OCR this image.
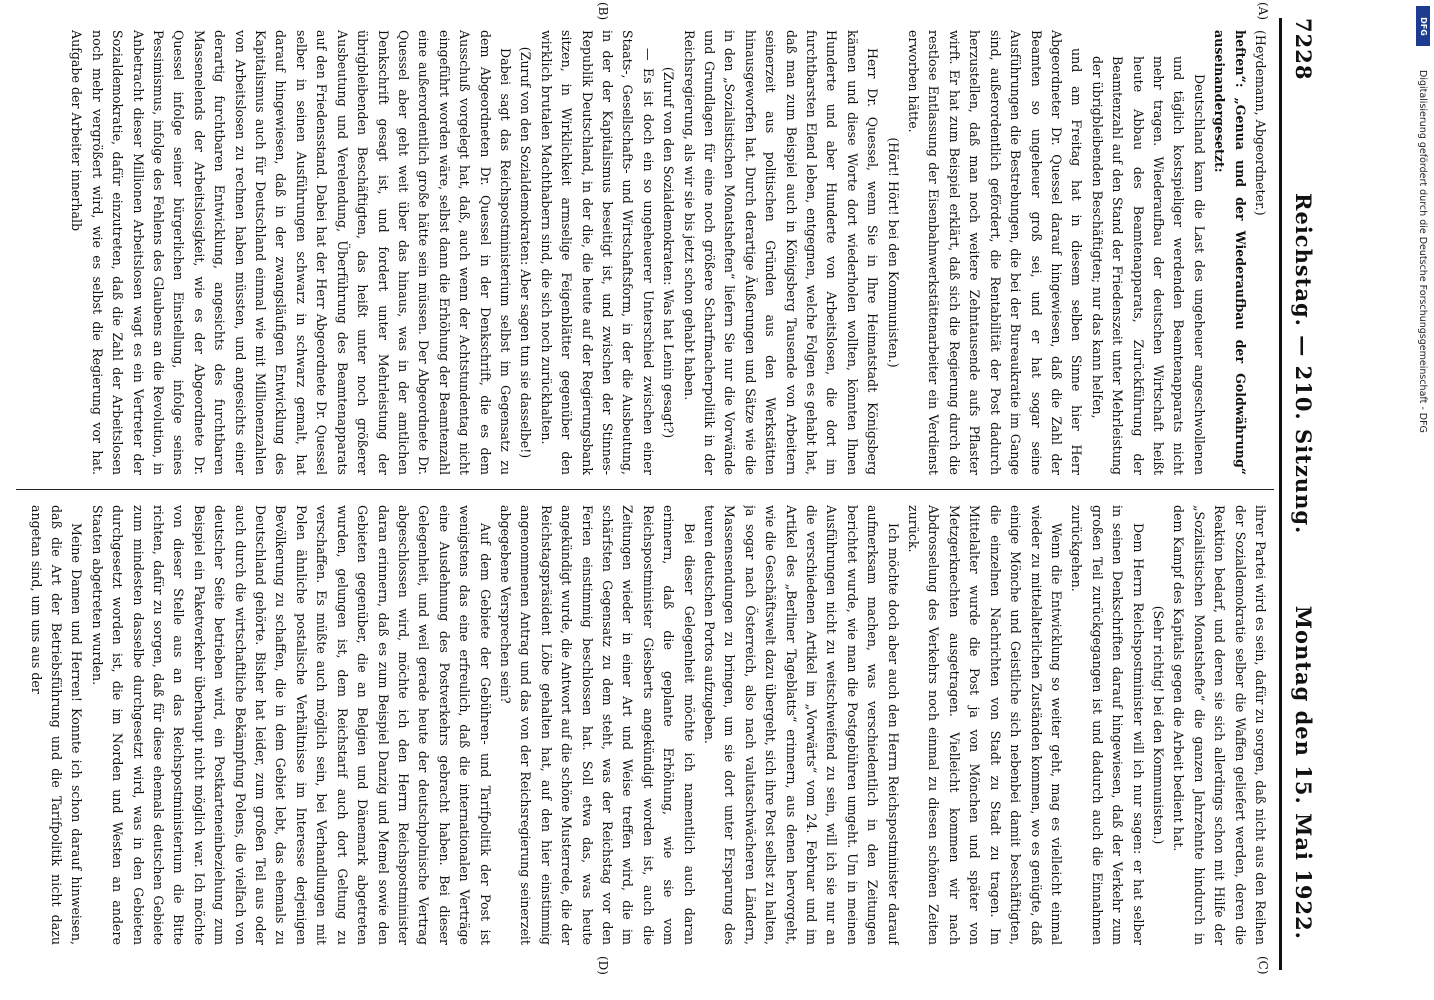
7228
Reichstag. — 210. Sitzung.
Montag den 15. Mai 1922.
(A)
(B)
(C)
(D)

(Heydemann, Abgeordneter.)

heften“: „Genua und der Wiederaufbau der Goldwährung“ auseinandergesetzt:

Deutschland kann die Last des ungeheuer angeschwollenen und täglich kostspieliger werdenden Beamtenapparats nicht mehr tragen. Wiederaufbau der deutschen Wirtschaft heißt heute Abbau des Beamtenapparats, Zurückführung der Beamtenzahl auf den Stand der Friedenszeit unter Mehrleistung der übrigbleibenden Beschäftigten; nur das kann helfen,

und am Freitag hat in diesem selben Sinne hier Herr Abgeordneter Dr. Quessel darauf hingewiesen, daß die Zahl der Beamten so ungeheuer groß sei, und er hat sogar seine Ausführungen die Bestrebungen, die bei der Bureaukratie im Gange sind, außerordentlich gefördert, die Rentabilität der Post dadurch herzustellen, daß man noch weitere Zehntausende aufs Pflaster wirft. Er hat zum Beispiel erklärt, daß sich die Regierung durch die restlose Entlassung der Eisenbahnwerkstättenarbeiter ein Verdienst erworben hätte.

(Hört! Hört! bei den Kommunisten.)

Herr Dr. Quessel, wenn Sie in Ihre Heimatstadt Königsberg kämen und diese Worte dort wiederholen wollten, könnten Ihnen Hunderte und aber Hunderte von Arbeitslosen, die dort im furchtbarsten Elend leben, entgegnen, welche Folgen es gehabt hat, daß man zum Beispiel auch in Königsberg Tausende von Arbeitern seinerzeit aus politischen Gründen aus den Werkstätten hinausgeworfen hat. Durch derartige Äußerungen und Sätze wie die in den „Sozialistischen Monatsheften“ liefern Sie nur die Vorwände und Grundlagen für eine noch größere Scharfmacherpolitik in der Reichsregierung, als wir sie bis jetzt schon gehabt haben.

(Zuruf von den Sozialdemokraten: Was hat Lenin gesagt?)

— Es ist doch ein so ungeheuerer Unterschied zwischen einer Staats-, Gesellschafts- und Wirtschaftsform, in der die Ausbeutung, in der der Kapitalismus beseitigt ist, und zwischen der Stinnes-Republik Deutschland, in der die, die heute auf der Regierungsbank sitzen, in Wirklichkeit armselige Feigenblätter gegenüber den wirklich brutalen Machthabern sind, die sich noch zurückhalten.

(Zuruf von den Sozialdemokraten: Aber sagen tun sie dasselbe!)

Dabei sagt das Reichspostministerium selbst im Gegensatz zu dem Abgeordneten Dr. Quessel in der Denkschrift, die es dem Ausschuß vorgelegt hat, daß, auch wenn der Achtstundentag nicht eingeführt worden wäre, selbst dann die Erhöhung der Beamtenzahl eine außerordentlich große hätte sein müssen. Der Abgeordnete Dr. Quessel aber geht weit über das hinaus, was in der amtlichen Denkschrift gesagt ist, und fordert unter Mehrleistung der übrigbleibenden Beschäftigten, das heißt unter noch größerer Ausbeutung und Verelendung, Überführung des Beamtenapparats auf den Friedensstand. Dabei hat der Herr Abgeordnete Dr. Quessel selber in seinen Ausführungen schwarz in schwarz gemalt, hat darauf hingewiesen, daß in der zwangsläufigen Entwicklung des Kapitalismus auch für Deutschland einmal wie mit Millionenzahlen von Arbeitslosen zu rechnen haben müssten, und angesichts einer derartig furchtbaren Entwicklung, angesichts des furchtbaren Massenelends der Arbeitslosigkeit, wie es der Abgeordnete Dr. Quessel infolge seiner bürgerlichen Einstellung, infolge seines Pessimismus, infolge des Fehlens des Glaubens an die Revolution, in Anbetracht dieser Millionen Arbeitslosen wagt es ein Vertreter der Sozialdemokratie, dafür einzutreten, daß die Zahl der Arbeitslosen noch mehr vergrößert wird, wie es selbst die Regierung vor hat. Aufgabe der Arbeiter innerhalb

ihrer Partei wird es sein, dafür zu sorgen, daß nicht aus den Reihen der Sozialdemokratie selber die Waffen geliefert werden, deren die Reaktion bedarf, und deren sie sich allerdings schon mit Hilfe der „Sozialistischen Monatshefte“ die ganzen Jahrzehnte hindurch in dem Kampf des Kapitals gegen die Arbeit bedient hat.

(Sehr richtig! bei den Kommunisten.)

Dem Herrn Reichspostminister will ich nur sagen: er hat selber in seinen Denkschriften darauf hingewiesen, daß der Verkehr zum großen Teil zurückgegangen ist und dadurch auch die Einnahmen zurückgehen.

Wenn die Entwicklung so weiter geht, mag es vielleicht einmal wieder zu mittelalterlichen Zuständen kommen, wo es genügte, daß einige Mönche und Geistliche sich nebenbei damit beschäftigten, die einzelnen Nachrichten von Stadt zu Stadt zu tragen. Im Mittelalter wurde die Post ja von Mönchen und später von Metzgerknechten ausgetragen. Vielleicht kommen wir nach Abdrosselung des Verkehrs noch einmal zu diesen schönen Zeiten zurück.

Ich möchte doch aber auch den Herrn Reichspostminister darauf aufmerksam machen, was verschiedentlich in den Zeitungen berichtet wurde, wie man die Postgebühren umgeht. Um in meinen Ausführungen nicht zu weitschweifend zu sein, will ich sie nur an die verschiedenen Artikel im „Vorwärts“ vom 24. Februar und im Artikel des „Berliner Tageblatts“ erinnern, aus denen hervorgeht, wie die Geschäftswelt dazu übergeht, sich ihre Post selbst zu halten, ja sogar nach Österreich, also nach valutaschwächeren Ländern, Massensendungen zu bringen, um sie dort unter Ersparung des teuren deutschen Portos aufzugeben.

Bei dieser Gelegenheit möchte ich namentlich auch daran erinnern, daß die geplante Erhöhung, wie sie vom Reichspostminister Giesberts angekündigt worden ist, auch die Zeitungen wieder in einer Art und Weise treffen wird, die im schärfsten Gegensatz zu dem steht, was der Reichstag vor den Ferien einstimmig beschlossen hat. Soll etwa das, was heute angekündigt wurde, die Antwort auf die schöne Musterrede, die der Reichstagspräsident Löbe gehalten hat, auf den hier einstimmig angenommenen Antrag und das von der Reichsregierung seinerzeit abgegebene Versprechen sein?

Auf dem Gebiete der Gebühren- und Tarifpolitik der Post ist wenigstens das eine erfreulich, daß die internationalen Verträge eine Ausdehnung des Postverkehrs gebracht haben. Bei dieser Gelegenheit, und weil gerade heute der deutschpolnische Vertrag abgeschlossen wird, möchte ich den Herrn Reichspostminister daran erinnern, daß es zum Beispiel Danzig und Memel sowie den Gebieten gegenüber, die an Belgien und Dänemark abgetreten wurden, gelungen ist, dem Reichstarif auch dort Geltung zu verschaffen. Es müßte auch möglich sein, bei Verhandlungen mit Polen ähnliche postalische Verhältnisse im Interesse derjenigen Bevölkerung zu schaffen, die in dem Gebiet lebt, das ehemals zu Deutschland gehörte. Bisher hat leider, zum großen Teil aus oder auch durch die wirtschaftliche Bekämpfung Polens, die vielfach von deutscher Seite betrieben wird, ein Postkarteneinbeziehung zum Beispiel ein Paketverkehr überhaupt nicht möglich war. Ich möchte von dieser Stelle aus an das Reichspostministerium die Bitte richten, dafür zu sorgen, daß für diese ehemals deutschen Gebiete zum mindesten dasselbe durchgesetzt wird, was in den Gebieten durchgesetzt worden ist, die im Norden und Westen an andere Staaten abgetreten wurden.

Meine Damen und Herren! Konnte ich schon darauf hinweisen, daß die Art der Betriebsführung und die Tarifpolitik nicht dazu angetan sind, um uns aus der

Digitalisierung gefördert durch die Deutsche Forschungsgemeinschaft - DFG
DFG
